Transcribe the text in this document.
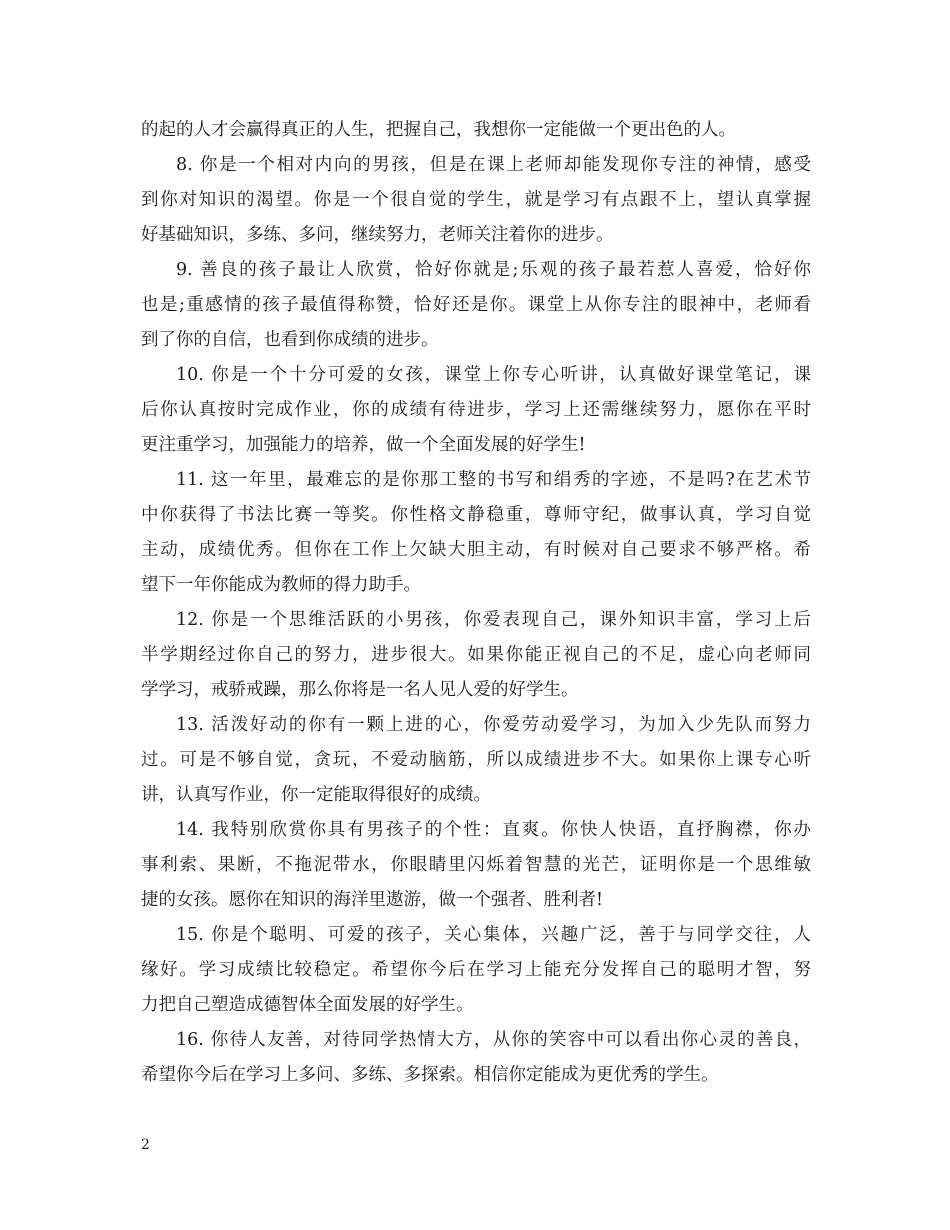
的起的人才会赢得真正的人生，把握自己，我想你一定能做一个更出色的人。
8. 你是一个相对内向的男孩，但是在课上老师却能发现你专注的神情，感受
到你对知识的渴望。你是一个很自觉的学生，就是学习有点跟不上，望认真掌握
好基础知识，多练、多问，继续努力，老师关注着你的进步。
9. 善良的孩子最让人欣赏，恰好你就是;乐观的孩子最若惹人喜爱，恰好你
也是;重感情的孩子最值得称赞，恰好还是你。课堂上从你专注的眼神中，老师看
到了你的自信，也看到你成绩的进步。
10. 你是一个十分可爱的女孩，课堂上你专心听讲，认真做好课堂笔记，课
后你认真按时完成作业，你的成绩有待进步，学习上还需继续努力，愿你在平时
更注重学习，加强能力的培养，做一个全面发展的好学生!
11. 这一年里，最难忘的是你那工整的书写和绢秀的字迹，不是吗?在艺术节
中你获得了书法比赛一等奖。你性格文静稳重，尊师守纪，做事认真，学习自觉
主动，成绩优秀。但你在工作上欠缺大胆主动，有时候对自己要求不够严格。希
望下一年你能成为教师的得力助手。
12. 你是一个思维活跃的小男孩，你爱表现自己，课外知识丰富，学习上后
半学期经过你自己的努力，进步很大。如果你能正视自己的不足，虚心向老师同
学学习，戒骄戒躁，那么你将是一名人见人爱的好学生。
13. 活泼好动的你有一颗上进的心，你爱劳动爱学习，为加入少先队而努力
过。可是不够自觉，贪玩，不爱动脑筋，所以成绩进步不大。如果你上课专心听
讲，认真写作业，你一定能取得很好的成绩。
14. 我特别欣赏你具有男孩子的个性：直爽。你快人快语，直抒胸襟，你办
事利索、果断，不拖泥带水，你眼睛里闪烁着智慧的光芒，证明你是一个思维敏
捷的女孩。愿你在知识的海洋里遨游，做一个强者、胜利者!
15. 你是个聪明、可爱的孩子，关心集体，兴趣广泛，善于与同学交往，人
缘好。学习成绩比较稳定。希望你今后在学习上能充分发挥自己的聪明才智，努
力把自己塑造成德智体全面发展的好学生。
16. 你待人友善，对待同学热情大方，从你的笑容中可以看出你心灵的善良，
希望你今后在学习上多问、多练、多探索。相信你定能成为更优秀的学生。
2
